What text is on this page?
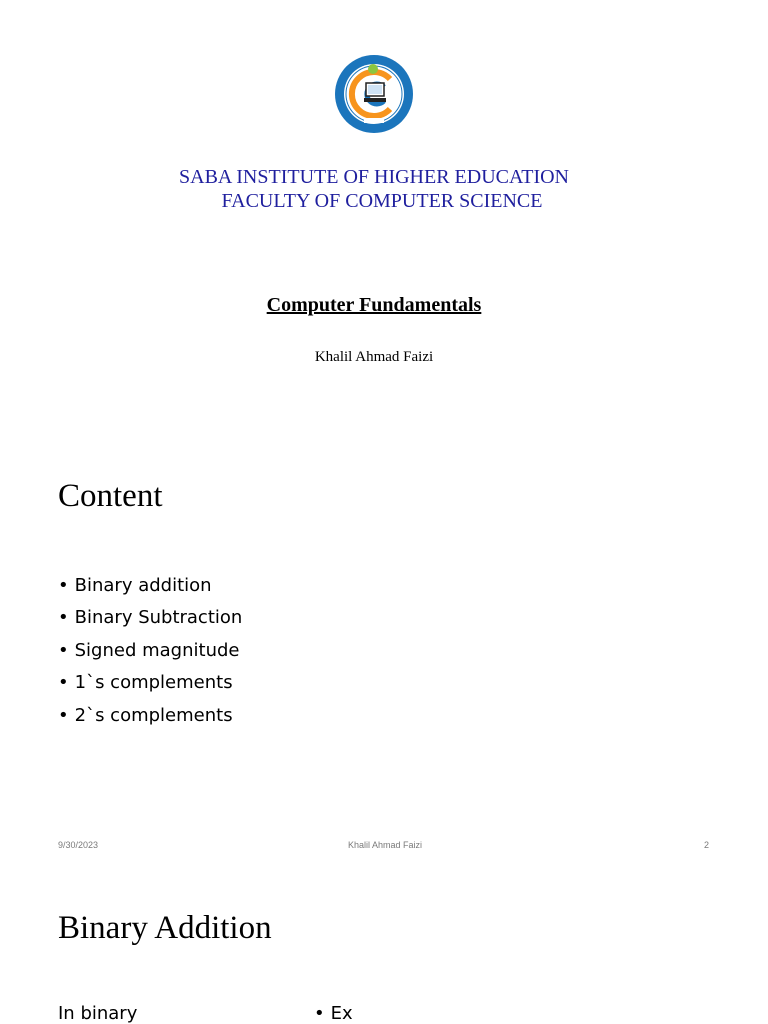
SABA INSTITUTE OF HIGHER EDUCATION
FACULTY OF COMPUTER SCIENCE
Computer Fundamentals
Khalil Ahmad Faizi
Content
• Binary addition
• Binary Subtraction
• Signed magnitude
• 1`s complements
• 2`s complements
9/30/2023	Khalil Ahmad Faizi	2
Binary Addition
In binary
•	Ex
